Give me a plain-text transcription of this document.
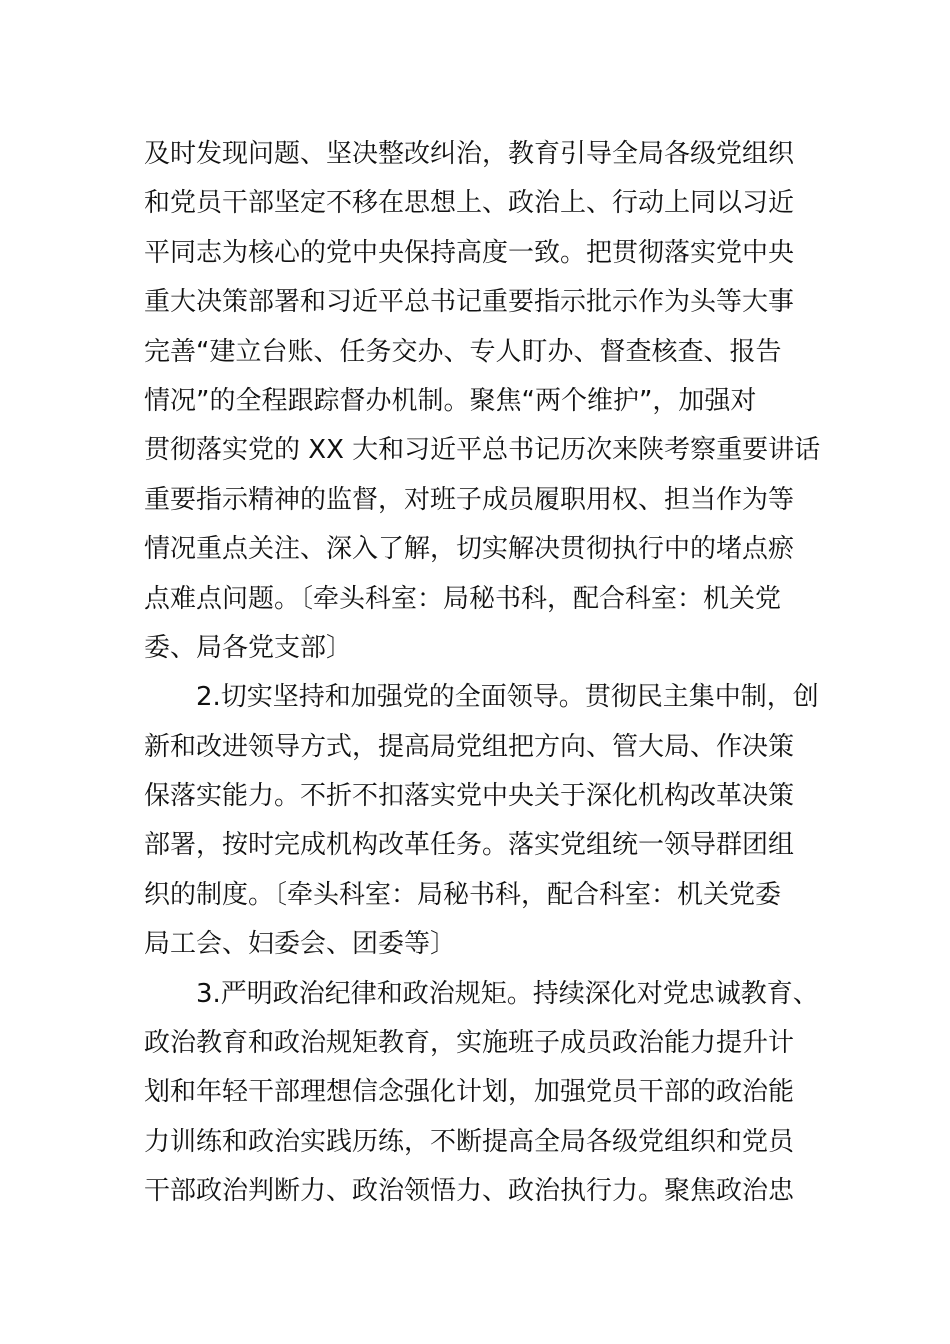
及时发现问题、坚决整改纠治，教育引导全局各级党组织
和党员干部坚定不移在思想上、政治上、行动上同以习近
平同志为核心的党中央保持高度一致。把贯彻落实党中央
重大决策部署和习近平总书记重要指示批示作为头等大事
完善“建立台账、任务交办、专人盯办、督查核查、报告
情况”的全程跟踪督办机制。聚焦“两个维护”，加强对
贯彻落实党的 XX 大和习近平总书记历次来陕考察重要讲话
重要指示精神的监督，对班子成员履职用权、担当作为等
情况重点关注、深入了解，切实解决贯彻执行中的堵点瘀
点难点问题。〔牵头科室：局秘书科，配合科室：机关党
委、局各党支部〕
　　2.切实坚持和加强党的全面领导。贯彻民主集中制，创
新和改进领导方式，提高局党组把方向、管大局、作决策
保落实能力。不折不扣落实党中央关于深化机构改革决策
部署，按时完成机构改革任务。落实党组统一领导群团组
织的制度。〔牵头科室：局秘书科，配合科室：机关党委
局工会、妇委会、团委等〕
　　3.严明政治纪律和政治规矩。持续深化对党忠诚教育、
政治教育和政治规矩教育，实施班子成员政治能力提升计
划和年轻干部理想信念强化计划，加强党员干部的政治能
力训练和政治实践历练，不断提高全局各级党组织和党员
干部政治判断力、政治领悟力、政治执行力。聚焦政治忠
